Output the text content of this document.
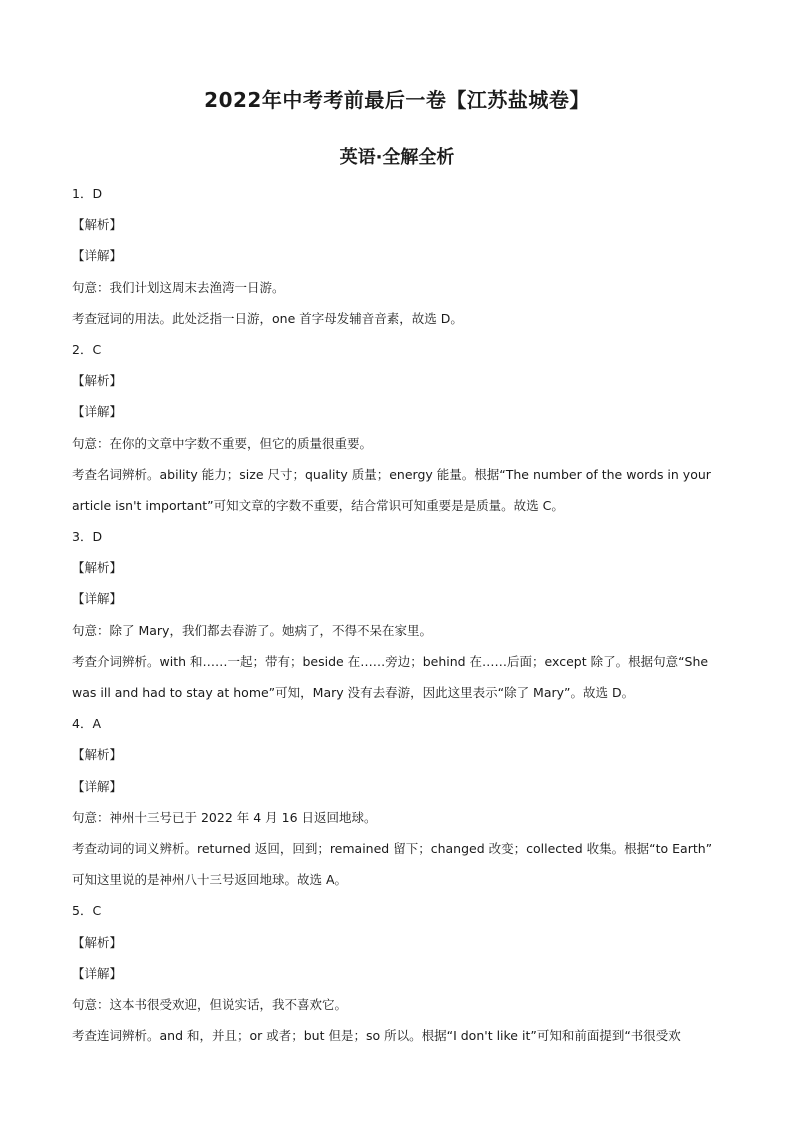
2022年中考考前最后一卷【江苏盐城卷】
英语·全解全析
1．D
【解析】
【详解】
句意：我们计划这周末去渔湾一日游。
考查冠词的用法。此处泛指一日游，one 首字母发辅音音素，故选 D。
2．C
【解析】
【详解】
句意：在你的文章中字数不重要，但它的质量很重要。
考查名词辨析。ability 能力；size 尺寸；quality 质量；energy 能量。根据“The number of the words in your
article isn't important”可知文章的字数不重要，结合常识可知重要是是质量。故选 C。
3．D
【解析】
【详解】
句意：除了 Mary，我们都去春游了。她病了，不得不呆在家里。
考查介词辨析。with 和……一起；带有；beside 在……旁边；behind 在……后面；except 除了。根据句意“She
was ill and had to stay at home”可知，Mary 没有去春游，因此这里表示“除了 Mary”。故选 D。
4．A
【解析】
【详解】
句意：神州十三号已于 2022 年 4 月 16 日返回地球。
考查动词的词义辨析。returned 返回，回到；remained 留下；changed 改变；collected 收集。根据“to Earth”
可知这里说的是神州八十三号返回地球。故选 A。
5．C
【解析】
【详解】
句意：这本书很受欢迎，但说实话，我不喜欢它。
考查连词辨析。and 和，并且；or 或者；but 但是；so 所以。根据“I don't like it”可知和前面提到“书很受欢
